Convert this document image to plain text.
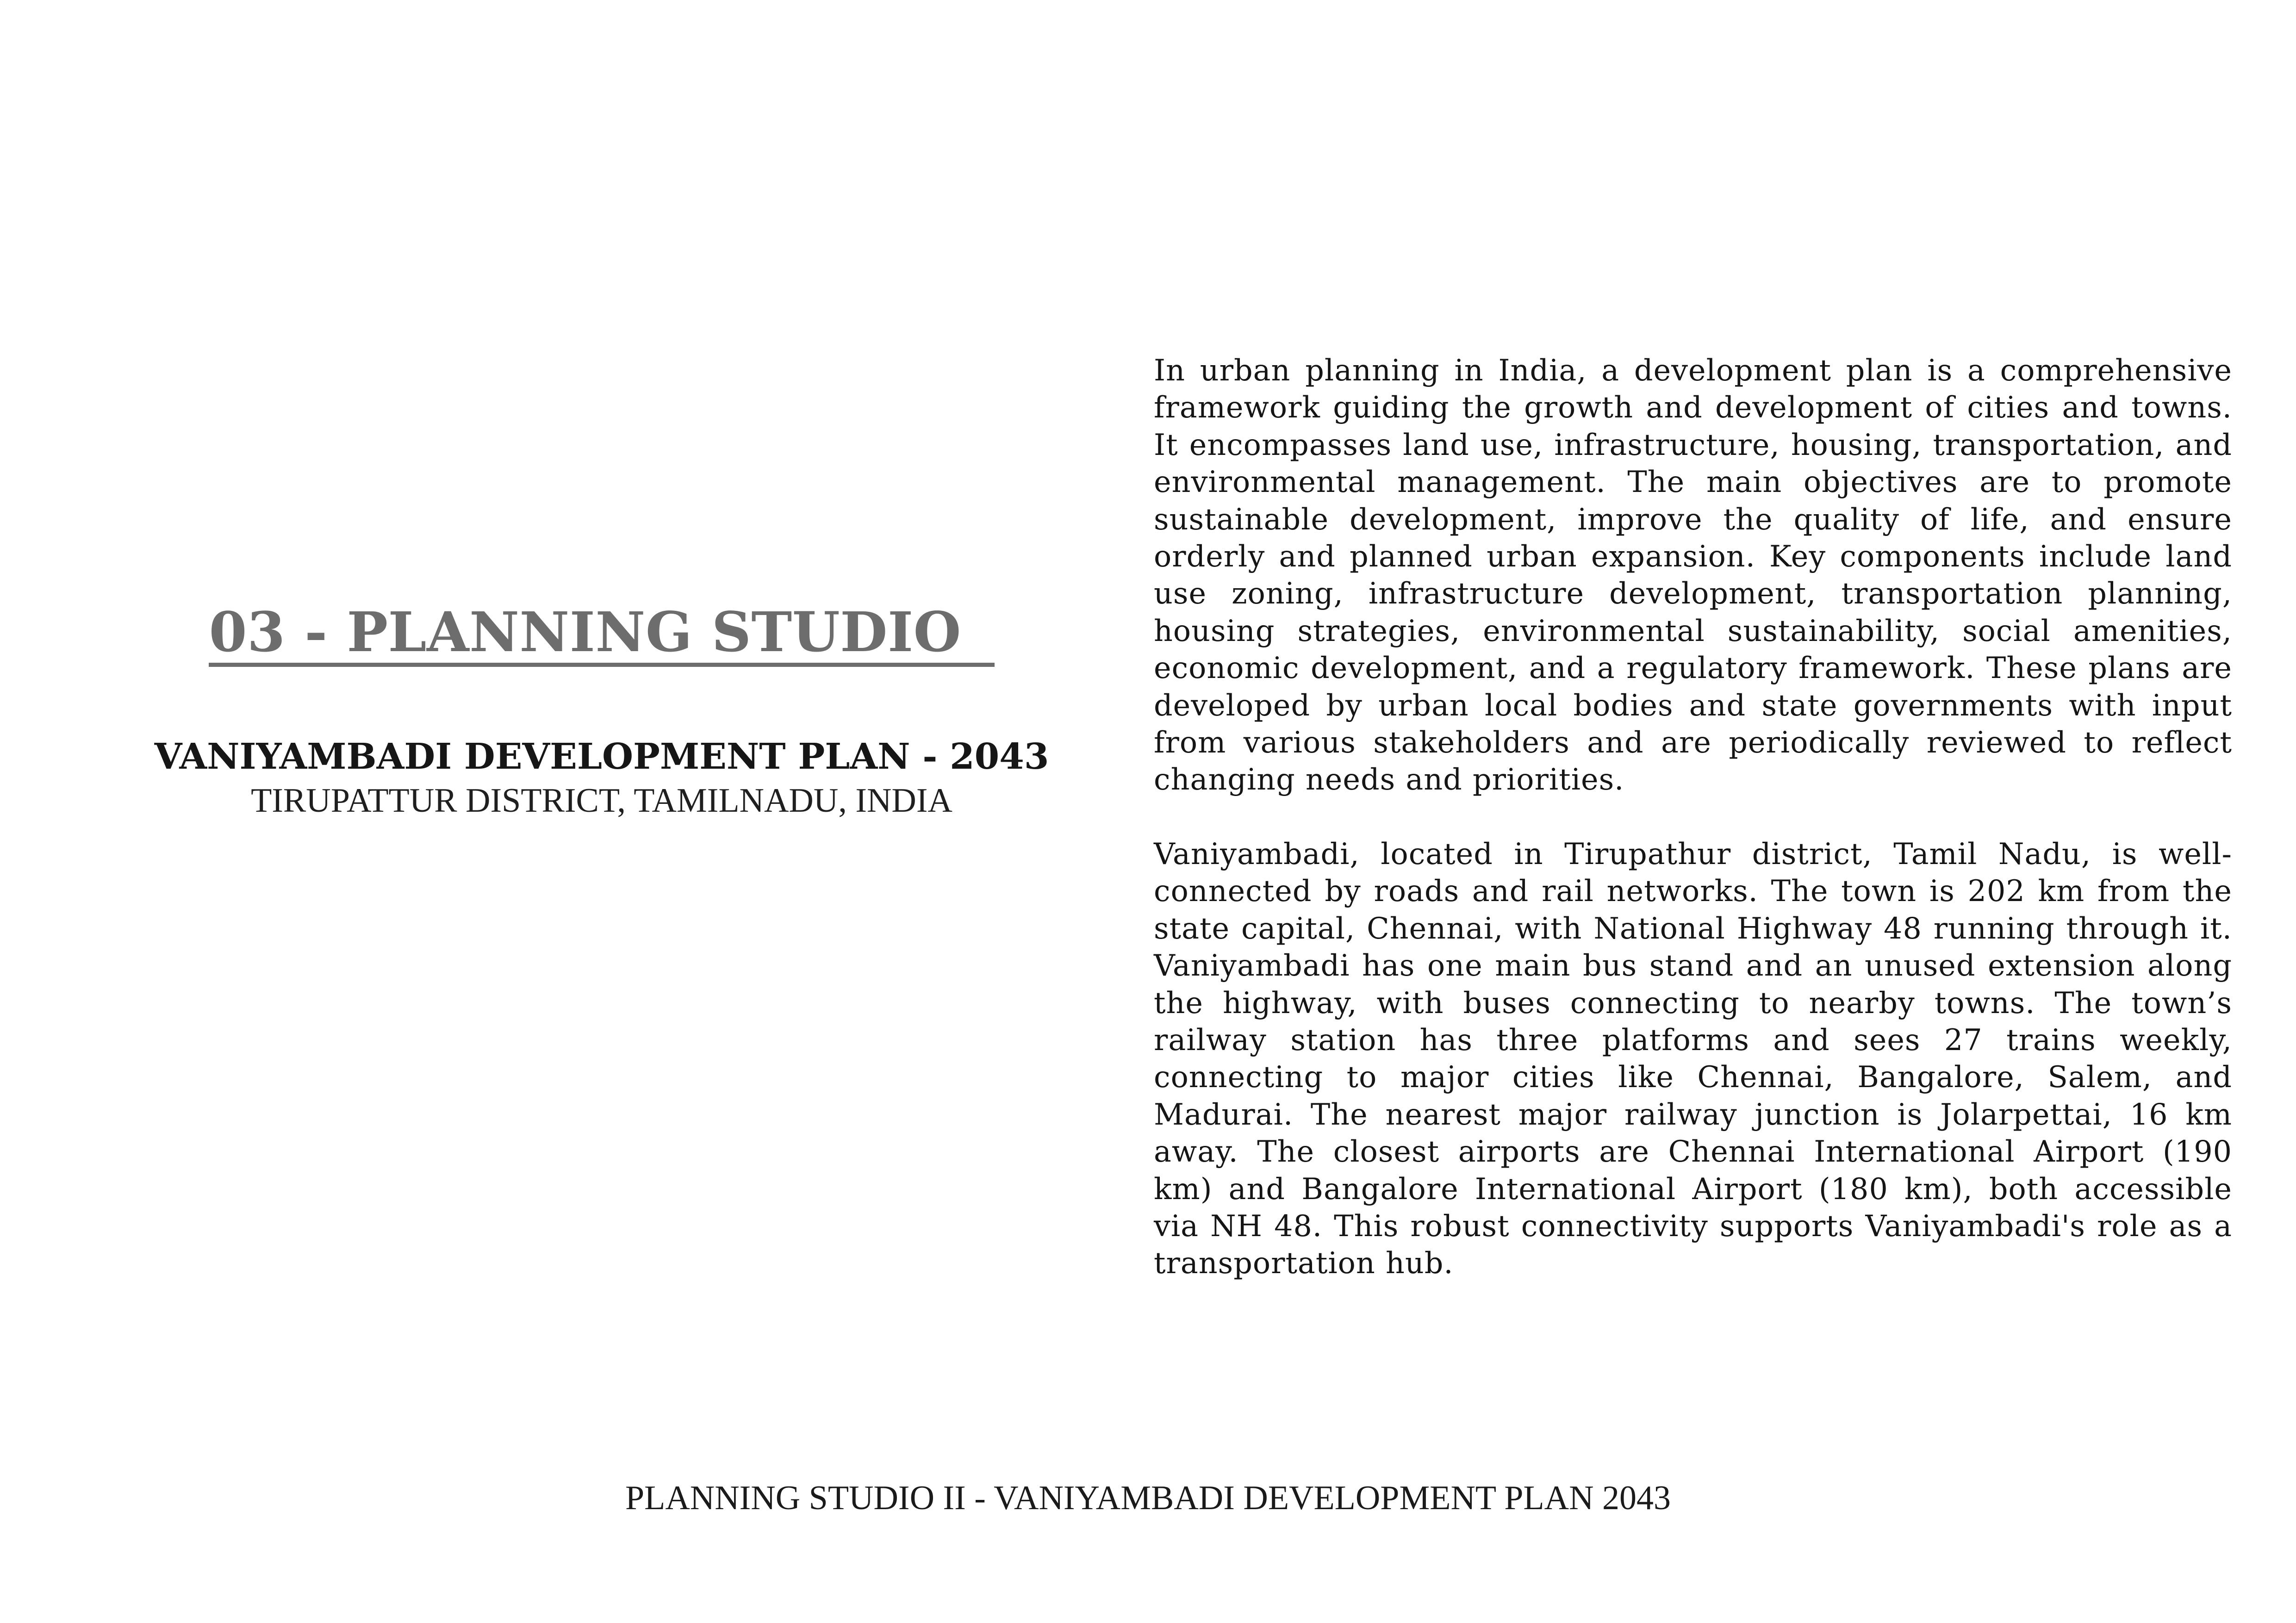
03 - PLANNING STUDIO
VANIYAMBADI DEVELOPMENT PLAN - 2043
TIRUPATTUR DISTRICT, TAMILNADU, INDIA

In urban planning in India, a development plan is a comprehensive framework guiding the growth and development of cities and towns. It encompasses land use, infrastructure, housing, transportation, and environmental management. The main objectives are to promote sustainable development, improve the quality of life, and ensure orderly and planned urban expansion. Key components include land use zoning, infrastructure development, transportation planning, housing strategies, environmental sustainability, social amenities, economic development, and a regulatory framework. These plans are developed by urban local bodies and state governments with input from various stakeholders and are periodically reviewed to reflect changing needs and priorities.

Vaniyambadi, located in Tirupathur district, Tamil Nadu, is well-connected by roads and rail networks. The town is 202 km from the state capital, Chennai, with National Highway 48 running through it. Vaniyambadi has one main bus stand and an unused extension along the highway, with buses connecting to nearby towns. The town’s railway station has three platforms and sees 27 trains weekly, connecting to major cities like Chennai, Bangalore, Salem, and Madurai. The nearest major railway junction is Jolarpettai, 16 km away. The closest airports are Chennai International Airport (190 km) and Bangalore International Airport (180 km), both accessible via NH 48. This robust connectivity supports Vaniyambadi's role as a transportation hub.

PLANNING STUDIO II - VANIYAMBADI DEVELOPMENT PLAN 2043
